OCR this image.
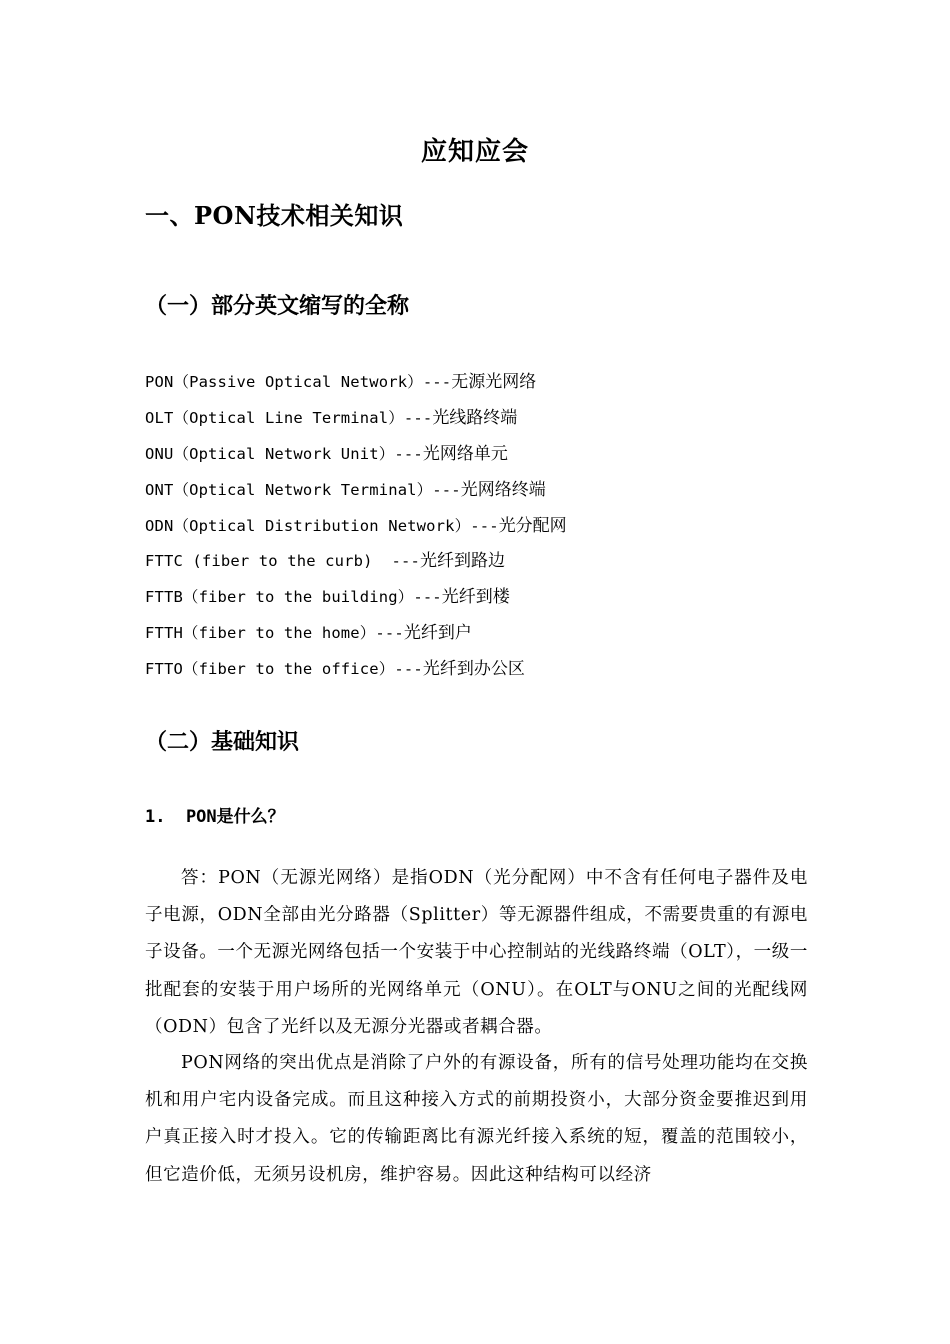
应知应会
一、PON技术相关知识
（一）部分英文缩写的全称
PON（Passive Optical Network）---无源光网络
OLT（Optical Line Terminal）---光线路终端
ONU（Optical Network Unit）---光网络单元
ONT（Optical Network Terminal）---光网络终端
ODN（Optical Distribution Network）---光分配网
FTTC (fiber to the curb)  ---光纤到路边
FTTB（fiber to the building）---光纤到楼
FTTH（fiber to the home）---光纤到户
FTTO（fiber to the office）---光纤到办公区
（二）基础知识
1.  PON是什么？

答：PON（无源光网络）是指ODN（光分配网）中不含有任何电子器件及电子电源，ODN全部由光分路器（Splitter）等无源器件组成，不需要贵重的有源电子设备。一个无源光网络包括一个安装于中心控制站的光线路终端（OLT），一级一批配套的安装于用户场所的光网络单元（ONU）。在OLT与ONU之间的光配线网（ODN）包含了光纤以及无源分光器或者耦合器。

PON网络的突出优点是消除了户外的有源设备，所有的信号处理功能均在交换机和用户宅内设备完成。而且这种接入方式的前期投资小，大部分资金要推迟到用户真正接入时才投入。它的传输距离比有源光纤接入系统的短，覆盖的范围较小，但它造价低，无须另设机房，维护容易。因此这种结构可以经济
